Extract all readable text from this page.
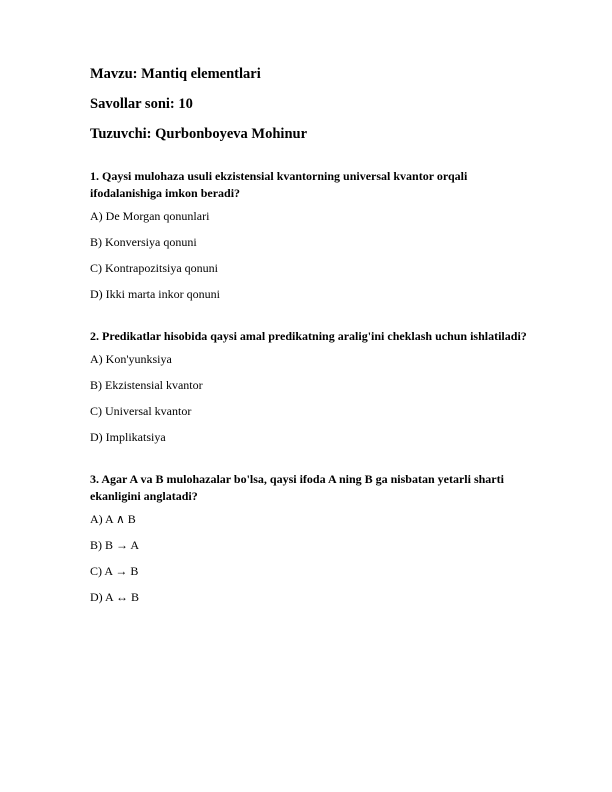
Mavzu: Mantiq elementlari

Savollar soni: 10

Tuzuvchi: Qurbonboyeva Mohinur

1. Qaysi mulohaza usuli ekzistensial kvantorning universal kvantor orqali ifodalanishiga imkon beradi?

A) De Morgan qonunlari

B) Konversiya qonuni

C) Kontrapozitsiya qonuni

D) Ikki marta inkor qonuni

2. Predikatlar hisobida qaysi amal predikatning aralig'ini cheklash uchun ishlatiladi?

A) Kon'yunksiya

B) Ekzistensial kvantor

C) Universal kvantor

D) Implikatsiya

3. Agar A va B mulohazalar bo'lsa, qaysi ifoda A ning B ga nisbatan yetarli sharti ekanligini anglatadi?

A) A ∧ B

B) B → A

C) A → B

D) A ↔ B
